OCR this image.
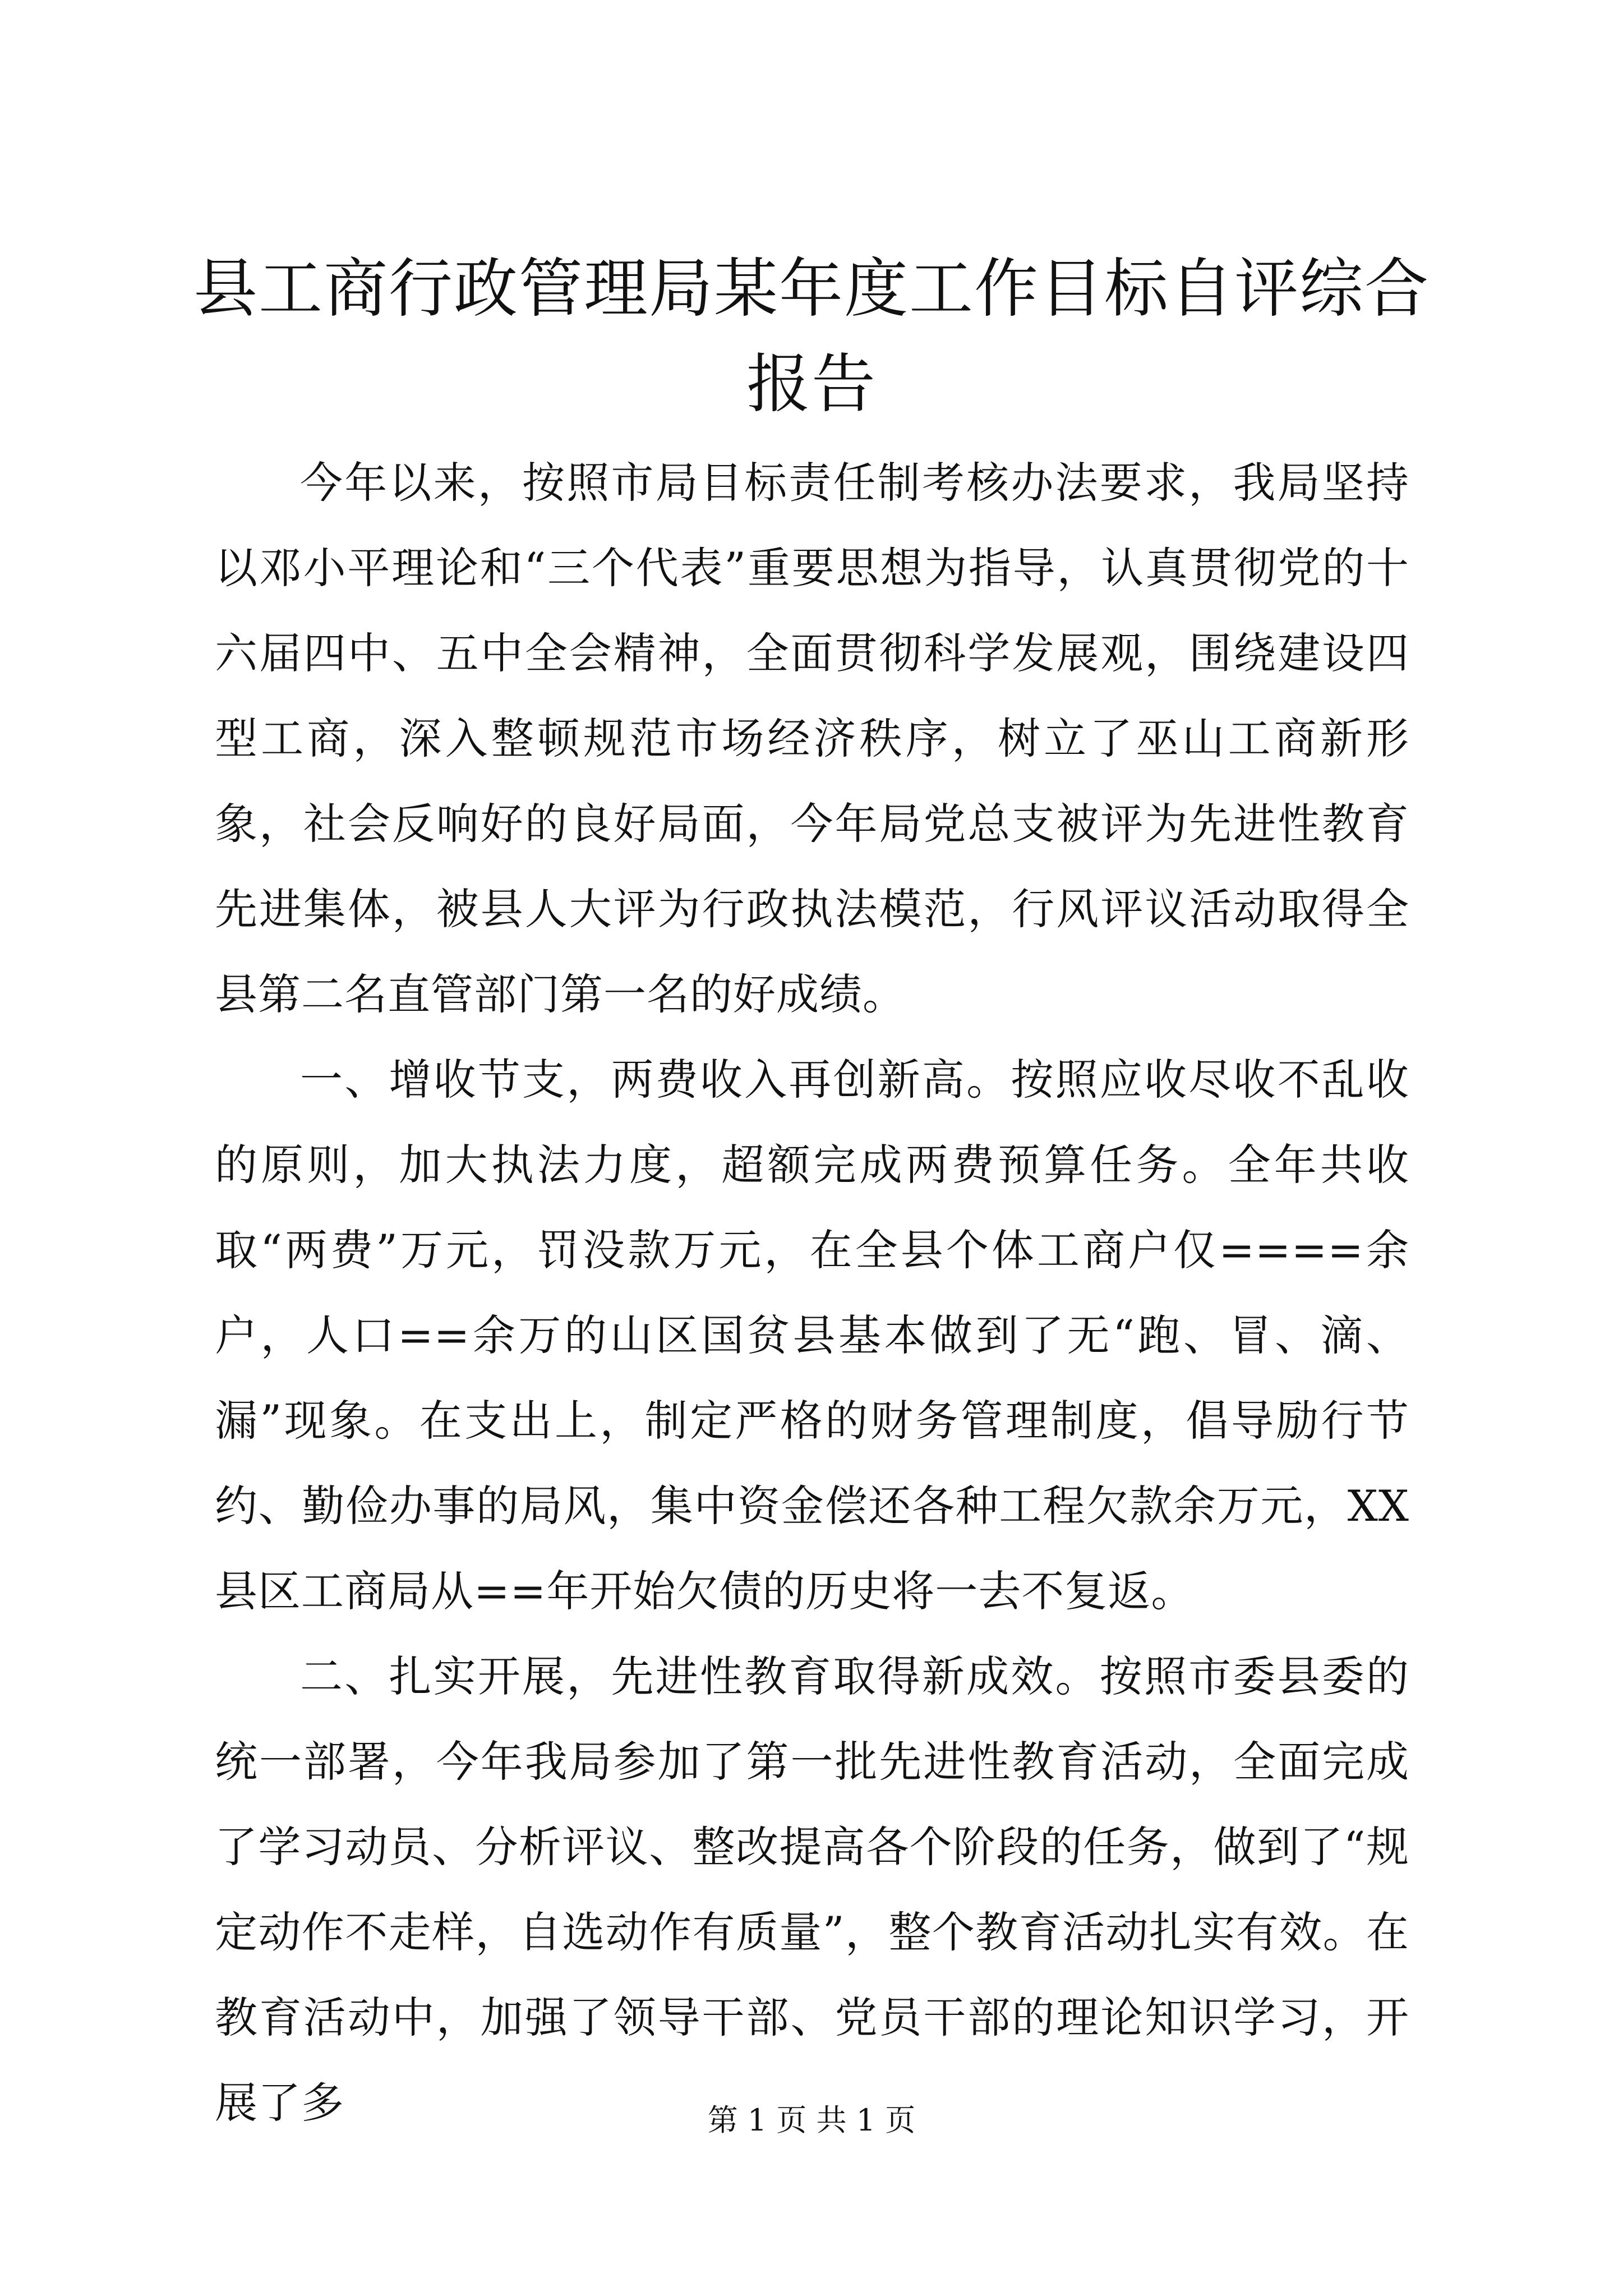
县工商行政管理局某年度工作目标自评综合报告

今年以来，按照市局目标责任制考核办法要求，我局坚持以邓小平理论和“三个代表”重要思想为指导，认真贯彻党的十六届四中、五中全会精神，全面贯彻科学发展观，围绕建设四型工商，深入整顿规范市场经济秩序，树立了巫山工商新形象，社会反响好的良好局面，今年局党总支被评为先进性教育先进集体，被县人大评为行政执法模范，行风评议活动取得全县第二名直管部门第一名的好成绩。

一、增收节支，两费收入再创新高。按照应收尽收不乱收的原则，加大执法力度，超额完成两费预算任务。全年共收取“两费”万元，罚没款万元，在全县个体工商户仅====余户，人口==余万的山区国贫县基本做到了无“跑、冒、滴、漏”现象。在支出上，制定严格的财务管理制度，倡导励行节约、勤俭办事的局风，集中资金偿还各种工程欠款余万元，XX县区工商局从==年开始欠债的历史将一去不复返。

二、扎实开展，先进性教育取得新成效。按照市委县委的统一部署，今年我局参加了第一批先进性教育活动，全面完成了学习动员、分析评议、整改提高各个阶段的任务，做到了“规定动作不走样，自选动作有质量”，整个教育活动扎实有效。在教育活动中，加强了领导干部、党员干部的理论知识学习，开展了多	第 1 页 共 1 页
